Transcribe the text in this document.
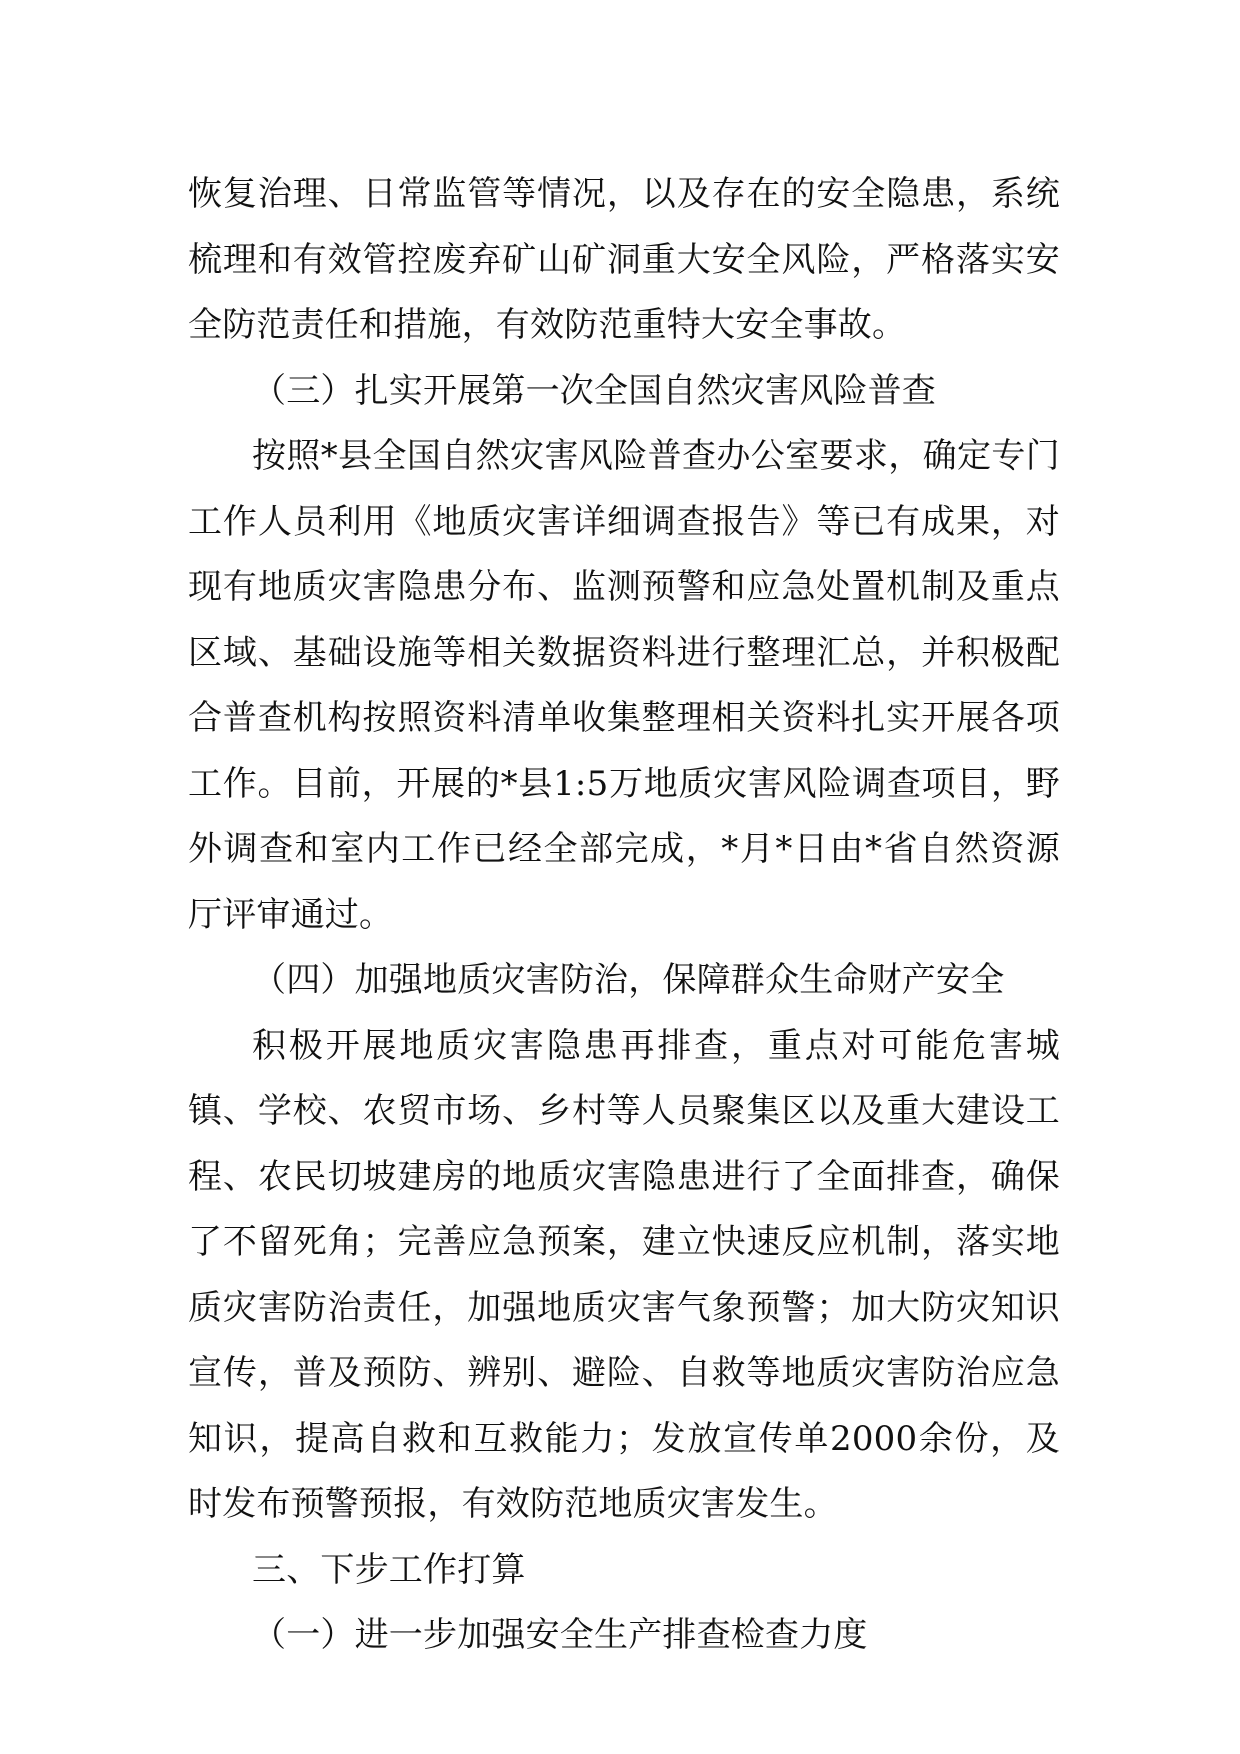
恢复治理、日常监管等情况，以及存在的安全隐患，系统梳理和有效管控废弃矿山矿洞重大安全风险，严格落实安全防范责任和措施，有效防范重特大安全事故。

（三）扎实开展第一次全国自然灾害风险普查

按照*县全国自然灾害风险普查办公室要求，确定专门工作人员利用《地质灾害详细调查报告》等已有成果，对现有地质灾害隐患分布、监测预警和应急处置机制及重点区域、基础设施等相关数据资料进行整理汇总，并积极配合普查机构按照资料清单收集整理相关资料扎实开展各项工作。目前，开展的*县1:5万地质灾害风险调查项目，野外调查和室内工作已经全部完成，*月*日由*省自然资源厅评审通过。

（四）加强地质灾害防治，保障群众生命财产安全

积极开展地质灾害隐患再排查，重点对可能危害城镇、学校、农贸市场、乡村等人员聚集区以及重大建设工程、农民切坡建房的地质灾害隐患进行了全面排查，确保了不留死角；完善应急预案，建立快速反应机制，落实地质灾害防治责任，加强地质灾害气象预警；加大防灾知识宣传，普及预防、辨别、避险、自救等地质灾害防治应急知识，提高自救和互救能力；发放宣传单2000余份，及时发布预警预报，有效防范地质灾害发生。

三、下步工作打算

（一）进一步加强安全生产排查检查力度
